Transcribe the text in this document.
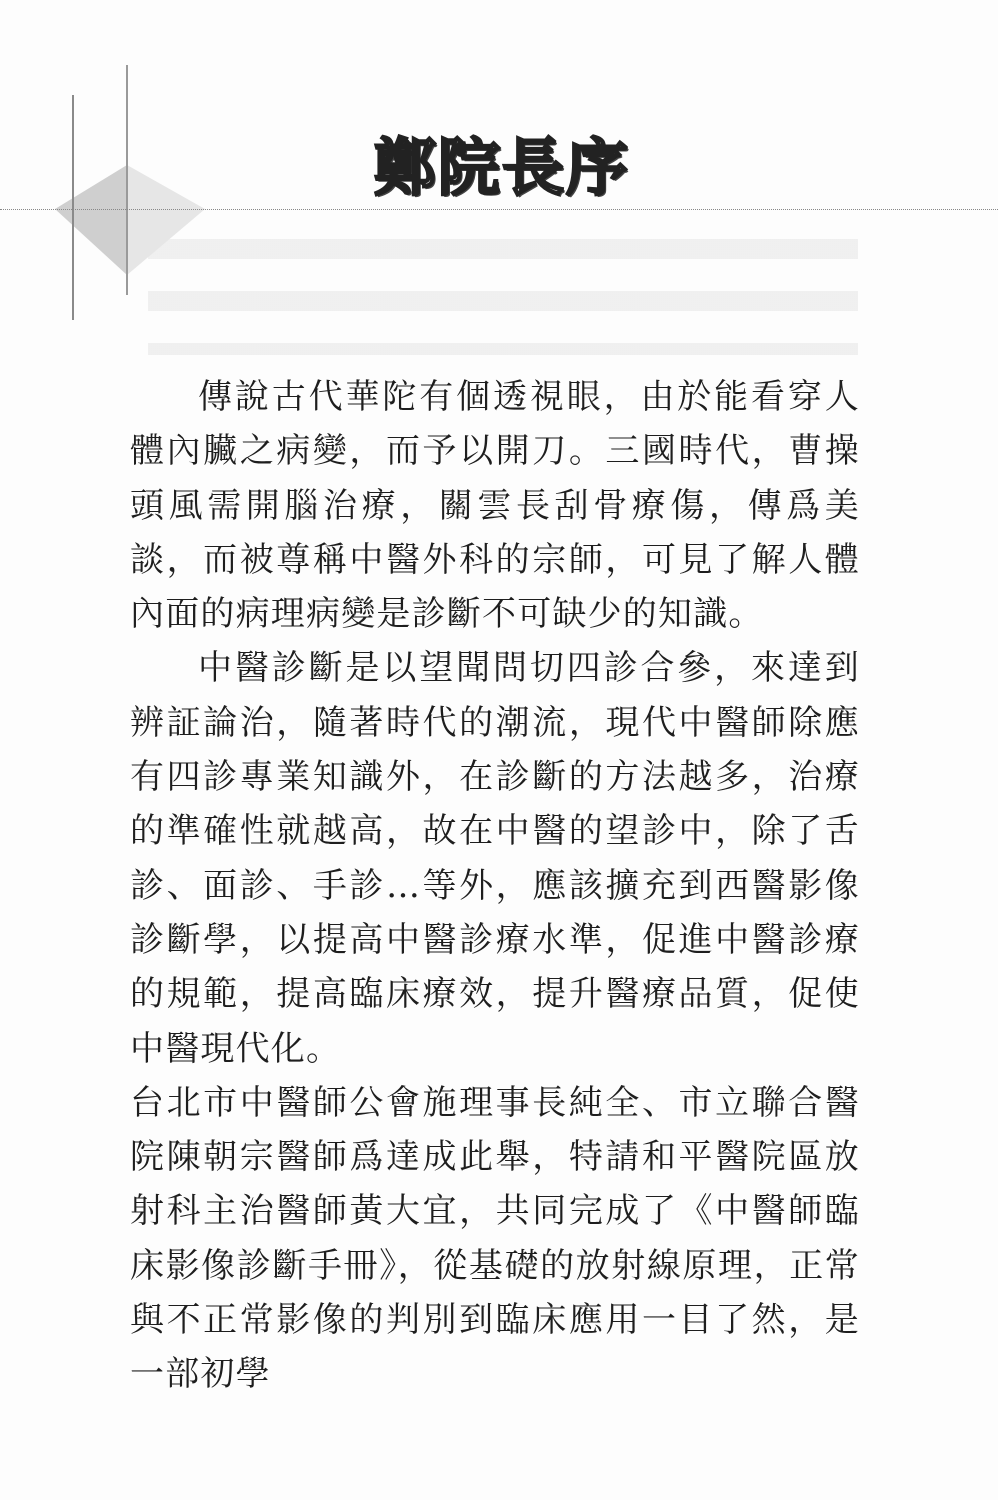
鄭院長序

傳說古代華陀有個透視眼，由於能看穿人體內臟之病變，而予以開刀。三國時代，曹操頭風需開腦治療，關雲長刮骨療傷，傳爲美談，而被尊稱中醫外科的宗師，可見了解人體內面的病理病變是診斷不可缺少的知識。

中醫診斷是以望聞問切四診合參，來達到辨証論治，隨著時代的潮流，現代中醫師除應有四診專業知識外，在診斷的方法越多，治療的準確性就越高，故在中醫的望診中，除了舌診、面診、手診…等外，應該擴充到西醫影像診斷學，以提高中醫診療水準，促進中醫診療的規範，提高臨床療效，提升醫療品質，促使中醫現代化。

台北市中醫師公會施理事長純全、市立聯合醫院陳朝宗醫師爲達成此舉，特請和平醫院區放射科主治醫師黃大宜，共同完成了《中醫師臨床影像診斷手冊》，從基礎的放射線原理，正常與不正常影像的判別到臨床應用一目了然，是一部初學
